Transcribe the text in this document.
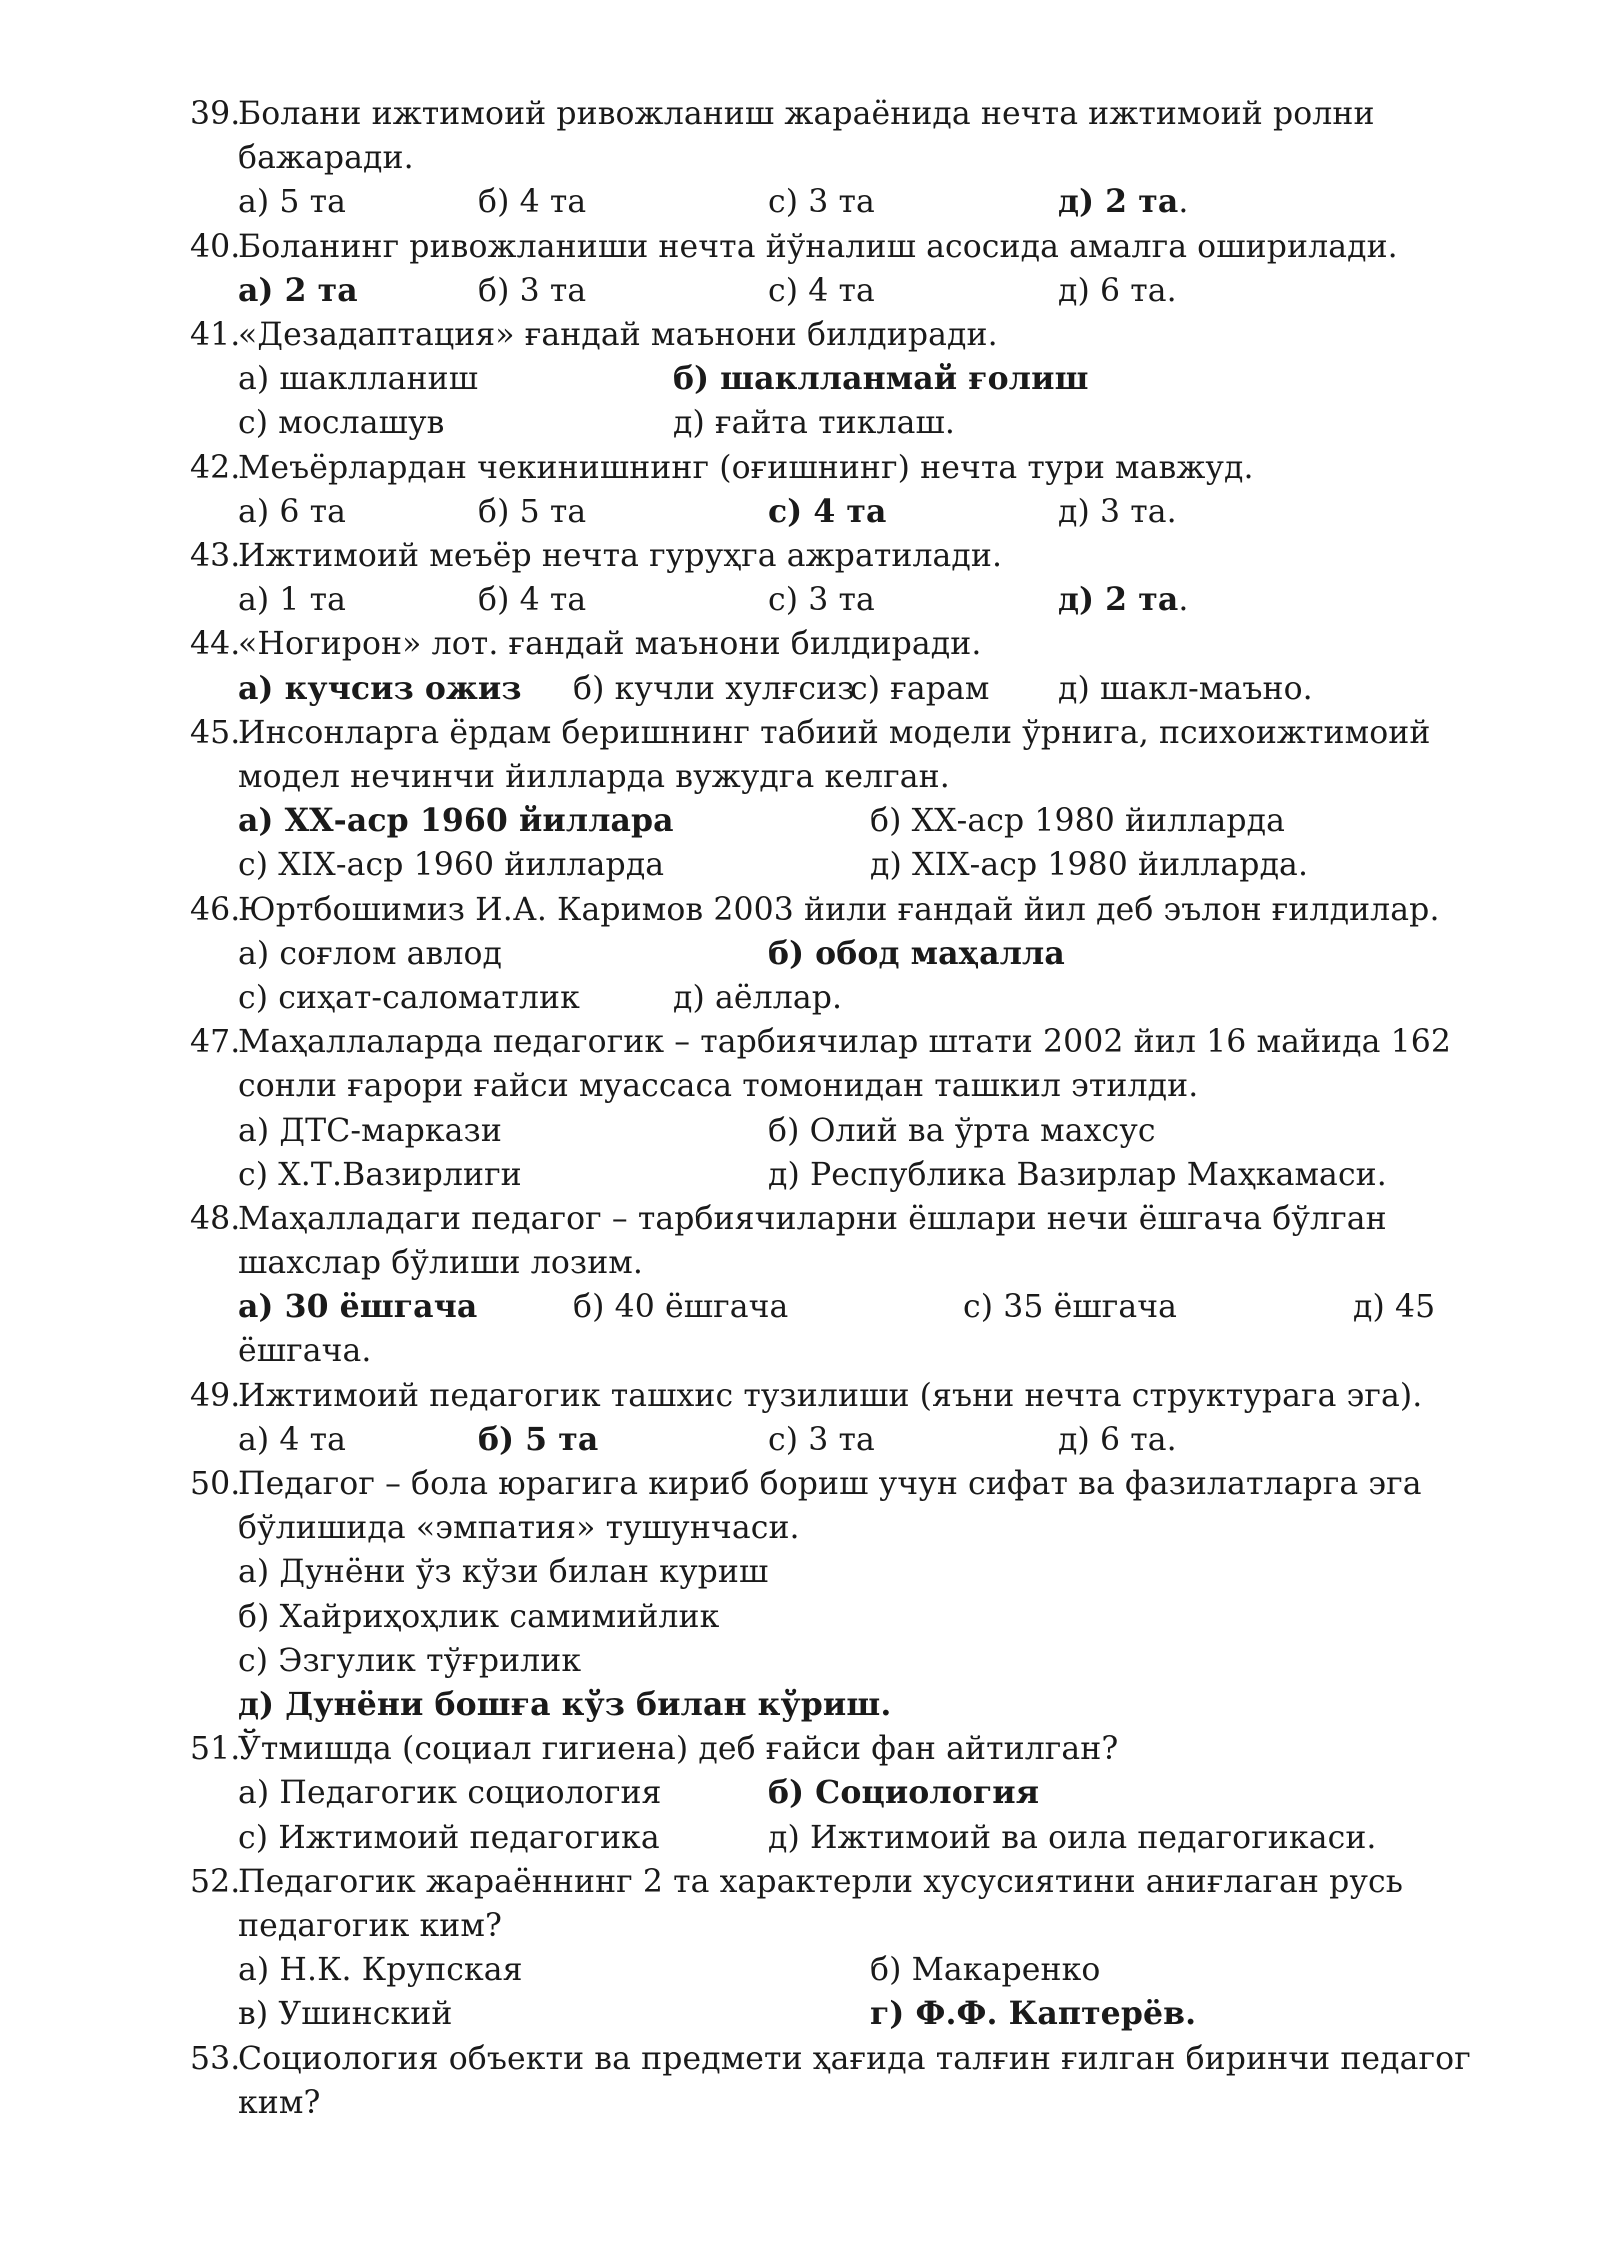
39.
Болани ижтимоий ривожланиш жараёнида нечта ижтимоий ролни бажаради.
а) 5 та	б) 4 та	с) 3 та	д) 2 та.
40.
Боланинг ривожланиши нечта йўналиш асосида амалга оширилади.
а) 2 та	б) 3 та	с) 4 та	д) 6 та.
41.
«Дезадаптация» ғандай маънони билдиради.
а) шаклланиш	б) шаклланмай ғолиш
с) мослашув	д) ғайта тиклаш.
42.
Меъёрлардан чекинишнинг (оғишнинг) нечта тури мавжуд.
а) 6 та	б) 5 та	с) 4 та	д) 3 та.
43.
Ижтимоий меъёр нечта гуруҳга ажратилади.
а) 1 та	б) 4 та	с) 3 та	д) 2 та.
44.
«Ногирон» лот. ғандай маънони билдиради.
а) кучсиз ожиз б) кучли хулғсиз
с) ғарам д) шакл-маъно.
45.
Инсонларга ёрдам беришнинг табиий модели ўрнига, психоижтимоий модел нечинчи йилларда вужудга келган.
а) ХХ-аср 1960 йиллара	б) ХХ-аср 1980 йилларда
с) ХIХ-аср 1960 йилларда	д) ХIХ-аср 1980 йилларда.
46.
Юртбошимиз И.А. Каримов 2003 йили ғандай йил деб эълон ғилдилар.
а) соғлом авлод	б) обод маҳалла
с) сиҳат-саломатлик	д) аёллар.
47.
Маҳаллаларда педагогик – тарбиячилар штати 2002 йил 16 майида 162 сонли ғарори ғайси муассаса томонидан ташкил этилди.
а) ДТС-маркази	б) Олий ва ўрта махсус
с) Х.Т.Вазирлиги	д) Республика Вазирлар Маҳкамаси.
48.
Маҳалладаги педагог – тарбиячиларни ёшлари нечи ёшгача бўлган шахслар бўлиши лозим.
а) 30 ёшгача	б) 40 ёшгача	с) 35 ёшгача	д) 45
ёшгача.
49.
Ижтимоий педагогик ташхис тузилиши (яъни нечта структурага эга).
а) 4 та	б) 5 та	с) 3 та	д) 6 та.
50.
Педагог – бола юрагига кириб бориш учун сифат ва фазилатларга эга бўлишида «эмпатия» тушунчаси.
а) Дунёни ўз кўзи билан куриш
б) Хайриҳоҳлик самимийлик
с) Эзгулик тўғрилик
д) Дунёни бошға кўз билан кўриш.
51.
Ўтмишда (социал гигиена) деб ғайси фан айтилган?
а) Педагогик социология	б) Социология
с) Ижтимоий педагогика	д) Ижтимоий ва оила педагогикаси.
52.
Педагогик жараённинг 2 та характерли хусусиятини аниғлаган русь педагогик ким?
а) Н.К. Крупская	б) Макаренко
в) Ушинский	г) Ф.Ф. Каптерёв.
53.
Социология объекти ва предмети ҳағида талғин ғилган биринчи педагог ким?
